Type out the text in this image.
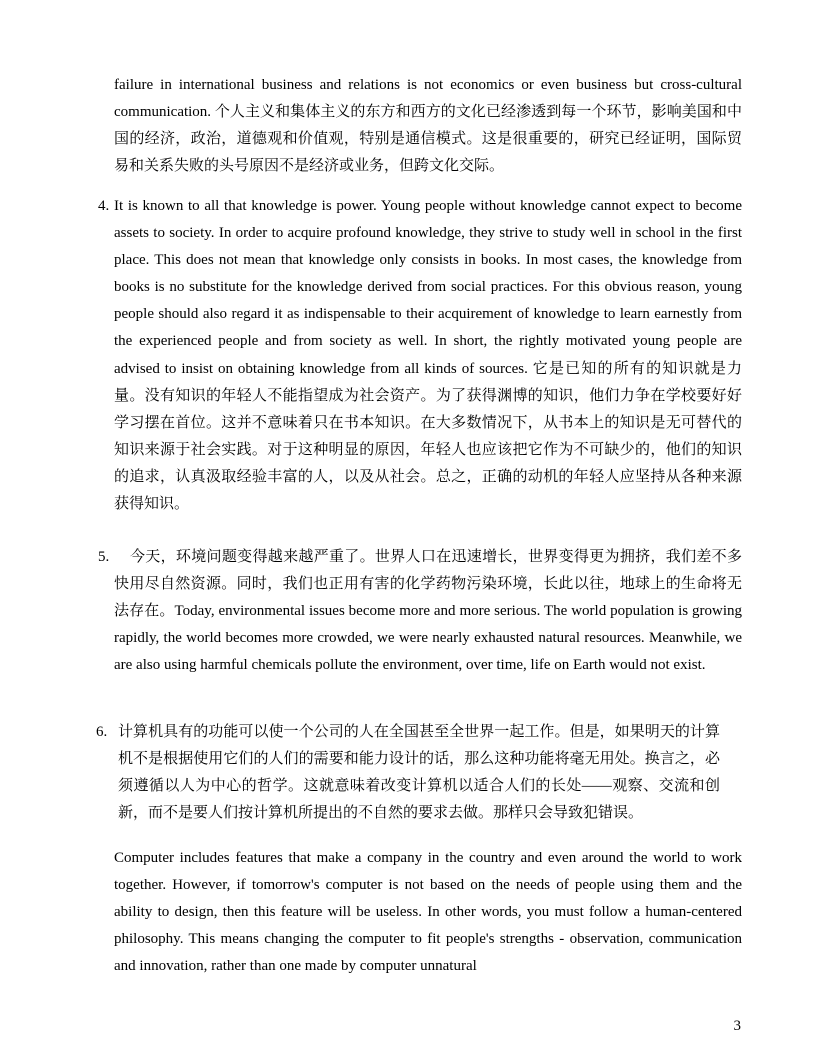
failure in international business and relations is not economics or even business but cross-cultural communication. 个人主义和集体主义的东方和西方的文化已经渗透到每一个环节，影响美国和中国的经济，政治，道德观和价值观，特别是通信模式。这是很重要的，研究已经证明，国际贸易和关系失败的头号原因不是经济或业务，但跨文化交际。

4. It is known to all that knowledge is power. Young people without knowledge cannot expect to become assets to society. In order to acquire profound knowledge, they strive to study well in school in the first place. This does not mean that knowledge only consists in books. In most cases, the knowledge from books is no substitute for the knowledge derived from social practices. For this obvious reason, young people should also regard it as indispensable to their acquirement of knowledge to learn earnestly from the experienced people and from society as well. In short, the rightly motivated young people are advised to insist on obtaining knowledge from all kinds of sources. 它是已知的所有的知识就是力量。没有知识的年轻人不能指望成为社会资产。为了获得渊博的知识，他们力争在学校要好好学习摆在首位。这并不意味着只在书本知识。在大多数情况下，从书本上的知识是无可替代的知识来源于社会实践。对于这种明显的原因，年轻人也应该把它作为不可缺少的，他们的知识的追求，认真汲取经验丰富的人，以及从社会。总之，正确的动机的年轻人应坚持从各种来源获得知识。

5.	今天，环境问题变得越来越严重了。世界人口在迅速增长，世界变得更为拥挤，我们差不多快用尽自然资源。同时，我们也正用有害的化学药物污染环境，长此以往，地球上的生命将无法存在。Today, environmental issues become more and more serious. The world population is growing rapidly, the world becomes more crowded, we were nearly exhausted natural resources. Meanwhile, we are also using harmful chemicals pollute the environment, over time, life on Earth would not exist.

6. 计算机具有的功能可以使一个公司的人在全国甚至全世界一起工作。但是，如果明天的计算机不是根据使用它们的人们的需要和能力设计的话，那么这种功能将毫无用处。换言之，必须遵循以人为中心的哲学。这就意味着改变计算机以适合人们的长处——观察、交流和创新，而不是要人们按计算机所提出的不自然的要求去做。那样只会导致犯错误。

Computer includes features that make a company in the country and even around the world to work together. However, if tomorrow's computer is not based on the needs of people using them and the ability to design, then this feature will be useless. In other words, you must follow a human-centered philosophy. This means changing the computer to fit people's strengths - observation, communication and innovation, rather than one made by computer unnatural

3
